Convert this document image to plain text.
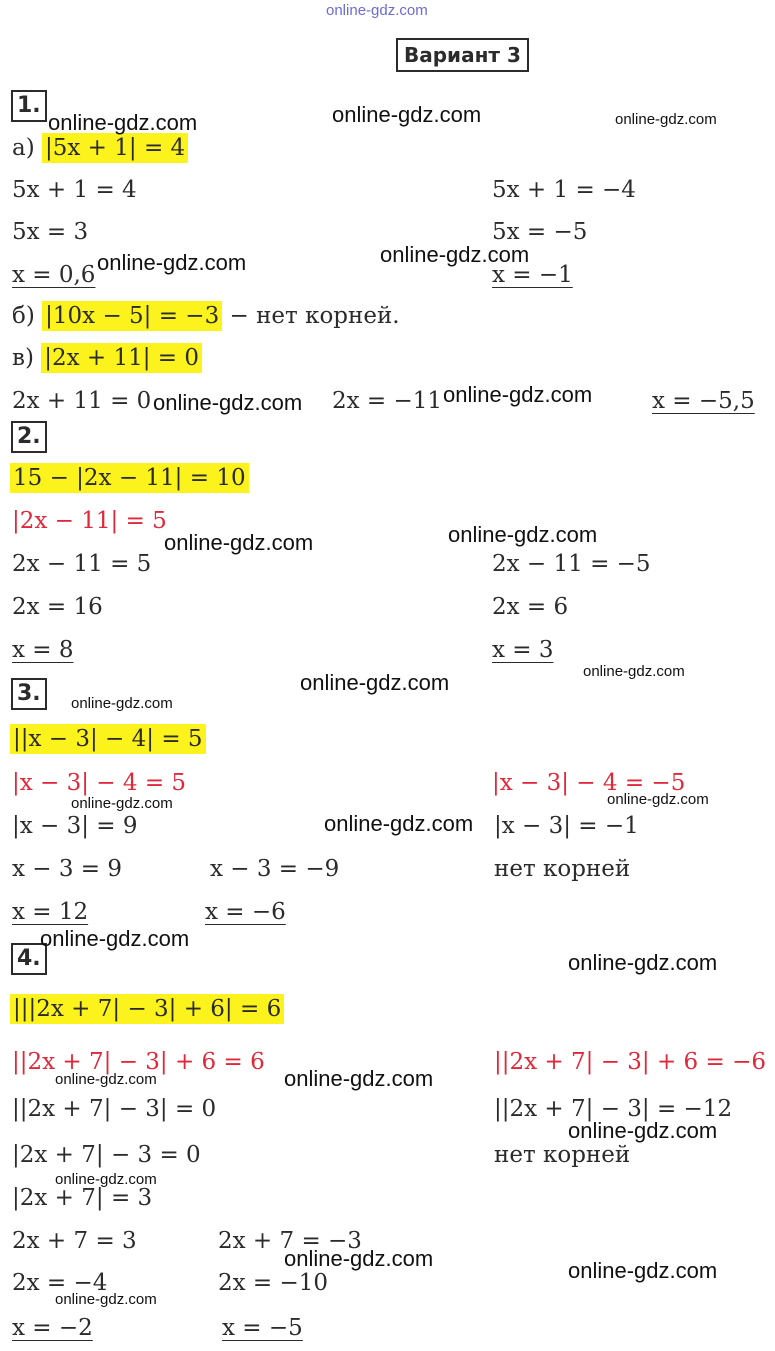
online-gdz.com
Вариант 3
1.
а) |5x + 1| = 4
5x + 1 = 4
5x = 3
x = 0,6
5x + 1 = −4
5x = −5
x = −1
б) |10x − 5| = −3 − нет корней.
в) |2x + 11| = 0
2x + 11 = 0	2x = −11	x = −5,5
2.
15 − |2x − 11| = 10
|2x − 11| = 5
2x − 11 = 5
2x = 16
x = 8
2x − 11 = −5
2x = 6
x = 3
3.
||x − 3| − 4| = 5
|x − 3| − 4 = 5	|x − 3| − 4 = −5
|x − 3| = 9
x − 3 = 9
x = 12
x − 3 = −9
x = −6
|x − 3| = −1
нет корней
4.
|||2x + 7| − 3| + 6| = 6
||2x + 7| − 3| + 6 = 6	||2x + 7| − 3| + 6 = −6
||2x + 7| − 3| = 0
|2x + 7| − 3 = 0
|2x + 7| = 3
2x + 7 = 3
2x = −4
x = −2
2x + 7 = −3
2x = −10
x = −5
||2x + 7| − 3| = −12
нет корней
online-gdz.com	online-gdz.com	online-gdz.com
online-gdz.com	online-gdz.com
online-gdz.com	online-gdz.com
online-gdz.com	online-gdz.com
online-gdz.com
online-gdz.com
online-gdz.com
online-gdz.com	online-gdz.com
online-gdz.com
online-gdz.com
online-gdz.com
online-gdz.com	online-gdz.com
online-gdz.com
online-gdz.com
online-gdz.com	online-gdz.com
online-gdz.com
